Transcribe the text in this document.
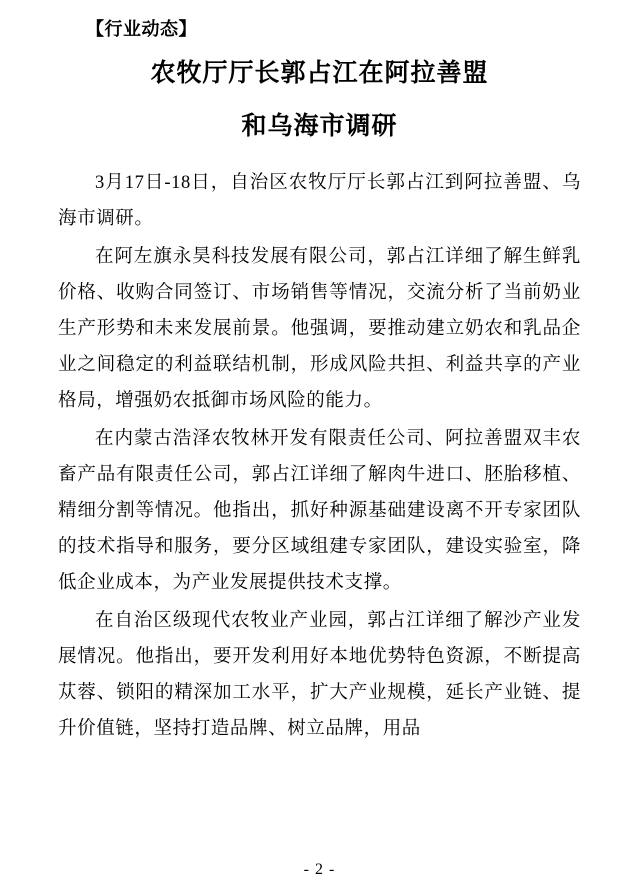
【行业动态】
农牧厅厅长郭占江在阿拉善盟
和乌海市调研

3月17日-18日，自治区农牧厅厅长郭占江到阿拉善盟、乌海市调研。

在阿左旗永昊科技发展有限公司，郭占江详细了解生鲜乳价格、收购合同签订、市场销售等情况，交流分析了当前奶业生产形势和未来发展前景。他强调，要推动建立奶农和乳品企业之间稳定的利益联结机制，形成风险共担、利益共享的产业格局，增强奶农抵御市场风险的能力。

在内蒙古浩泽农牧林开发有限责任公司、阿拉善盟双丰农畜产品有限责任公司，郭占江详细了解肉牛进口、胚胎移植、精细分割等情况。他指出，抓好种源基础建设离不开专家团队的技术指导和服务，要分区域组建专家团队，建设实验室，降低企业成本，为产业发展提供技术支撑。

在自治区级现代农牧业产业园，郭占江详细了解沙产业发展情况。他指出，要开发利用好本地优势特色资源，不断提高苁蓉、锁阳的精深加工水平，扩大产业规模，延长产业链、提升价值链，坚持打造品牌、树立品牌，用品

- 2 -
